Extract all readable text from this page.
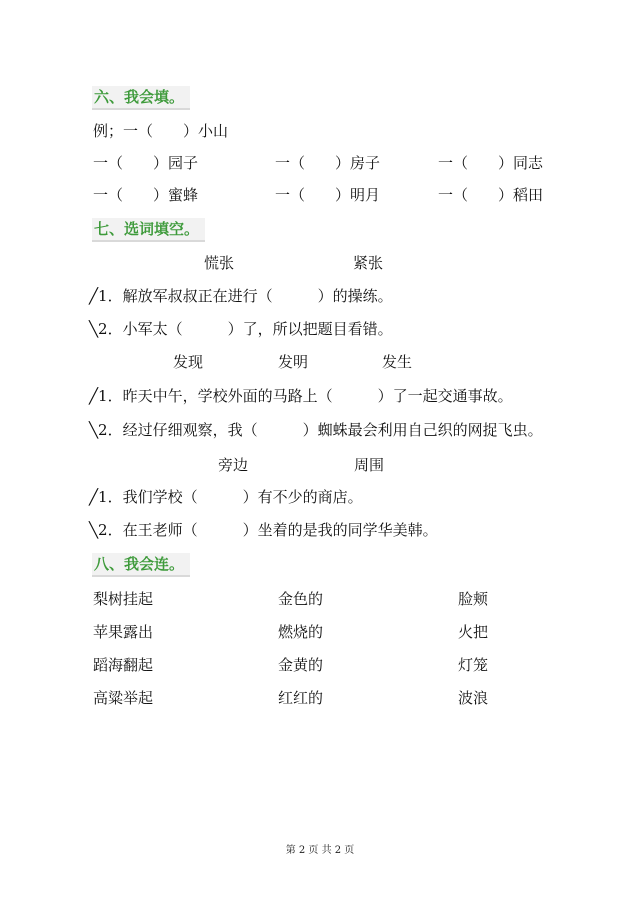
六、我会填。
例；一（　　）小山
一（　　）园子	一（　　）房子	一（　　）同志
一（　　）蜜蜂	一（　　）明月	一（　　）稻田
七、选词填空。
慌张	紧张
╱1．解放军叔叔正在进行（　　　）的操练。
╲2．小军太（　　　）了，所以把题目看错。
发现	发明	发生
╱1．昨天中午，学校外面的马路上（　　　）了一起交通事故。
╲2．经过仔细观察，我（　　　）蜘蛛最会利用自己织的网捉飞虫。
旁边	周围
╱1．我们学校（　　　）有不少的商店。
╲2．在王老师（　　　）坐着的是我的同学华美韩。
八、我会连。
梨树挂起	金色的	脸颊
苹果露出	燃烧的	火把
蹈海翻起	金黄的	灯笼
高粱举起	红红的	波浪
第 2 页 共 2 页
